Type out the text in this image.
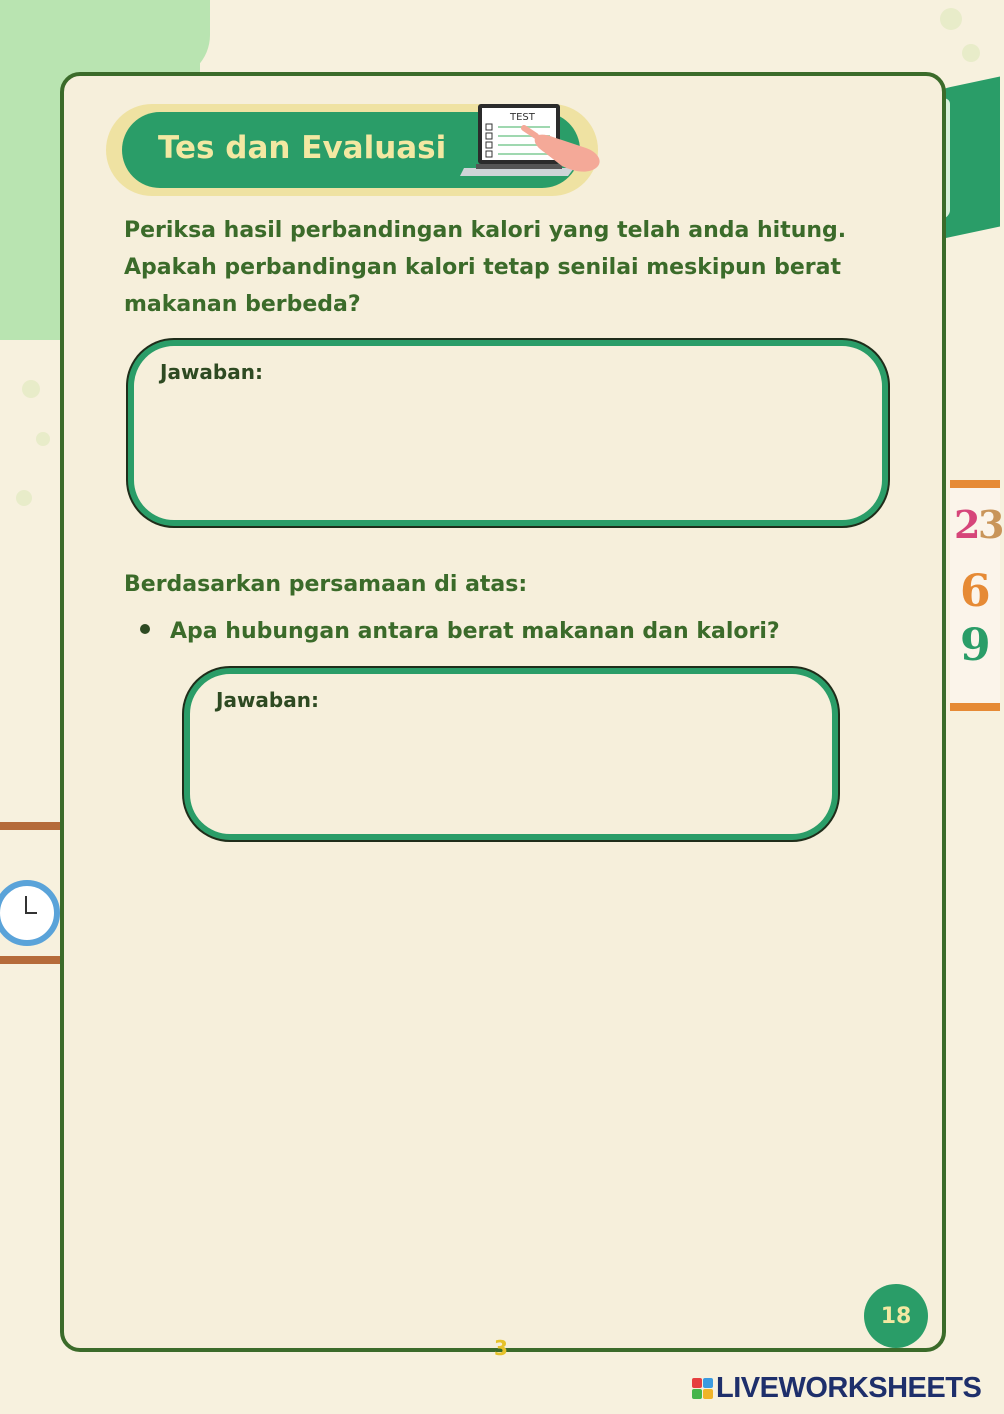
2
3
6
9
Tes dan Evaluasi
TEST

Periksa hasil perbandingan kalori yang telah anda hitung. Apakah perbandingan kalori tetap senilai meskipun berat makanan berbeda?

Jawaban:
Berdasarkan persamaan di atas:
Apa hubungan antara berat makanan dan kalori?
Jawaban:
18
3
LIVEWORKSHEETS
